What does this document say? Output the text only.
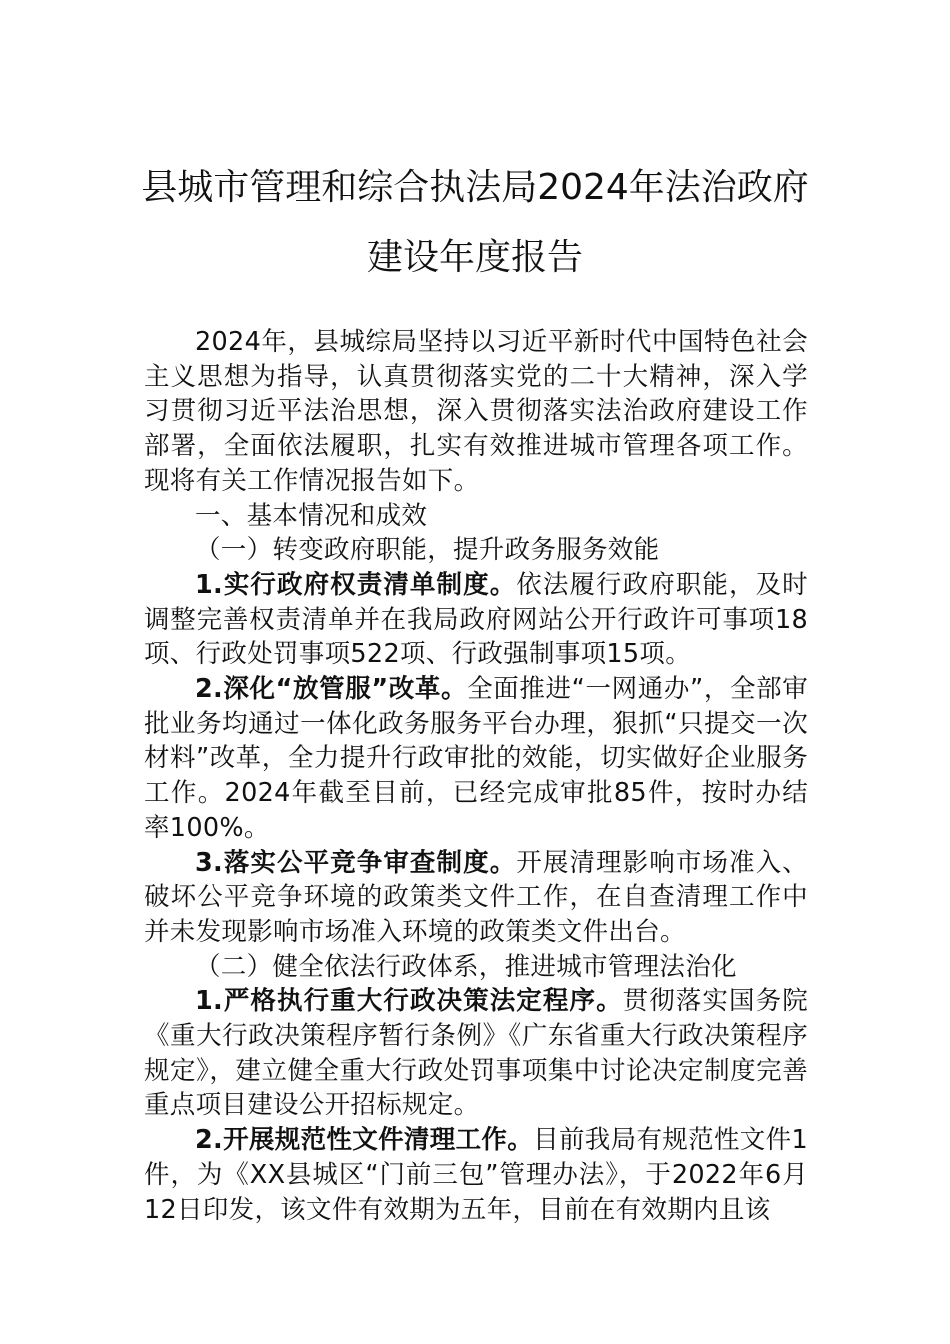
县城市管理和综合执法局2024年法治政府
建设年度报告

2024年，县城综局坚持以习近平新时代中国特色社会主义思想为指导，认真贯彻落实党的二十大精神，深入学习贯彻习近平法治思想，深入贯彻落实法治政府建设工作部署，全面依法履职，扎实有效推进城市管理各项工作。现将有关工作情况报告如下。

一、基本情况和成效

（一）转变政府职能，提升政务服务效能

1.实行政府权责清单制度。依法履行政府职能，及时调整完善权责清单并在我局政府网站公开行政许可事项18项、行政处罚事项522项、行政强制事项15项。

2.深化“放管服”改革。全面推进“一网通办”，全部审批业务均通过一体化政务服务平台办理，狠抓“只提交一次材料”改革，全力提升行政审批的效能，切实做好企业服务工作。2024年截至目前，已经完成审批85件，按时办结率100%。

3.落实公平竞争审查制度。开展清理影响市场准入、破坏公平竞争环境的政策类文件工作，在自查清理工作中并未发现影响市场准入环境的政策类文件出台。

（二）健全依法行政体系，推进城市管理法治化

1.严格执行重大行政决策法定程序。贯彻落实国务院《重大行政决策程序暂行条例》《广东省重大行政决策程序规定》，建立健全重大行政处罚事项集中讨论决定制度完善重点项目建设公开招标规定。

2.开展规范性文件清理工作。目前我局有规范性文件1件，为《XX县城区“门前三包”管理办法》，于2022年6月12日印发，该文件有效期为五年，目前在有效期内且该
